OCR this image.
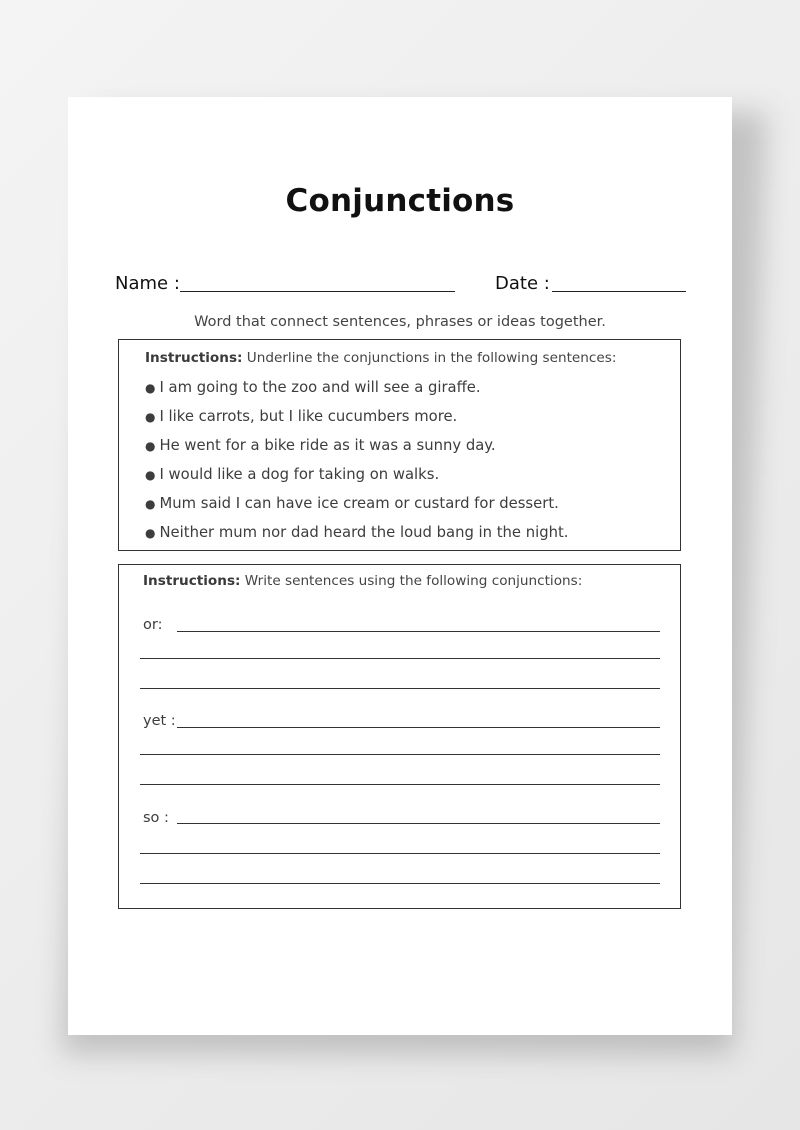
Conjunctions
Name :	Date :
Word that connect sentences, phrases or ideas together.
Instructions: Underline the conjunctions in the following sentences:
● I am going to the zoo and will see a giraffe.
● I like carrots, but I like cucumbers more.
● He went for a bike ride as it was a sunny day.
● I would like a dog for taking on walks.
● Mum said I can have ice cream or custard for dessert.
● Neither mum nor dad heard the loud bang in the night.
Instructions: Write sentences using the following conjunctions:
or:
yet :
so :
